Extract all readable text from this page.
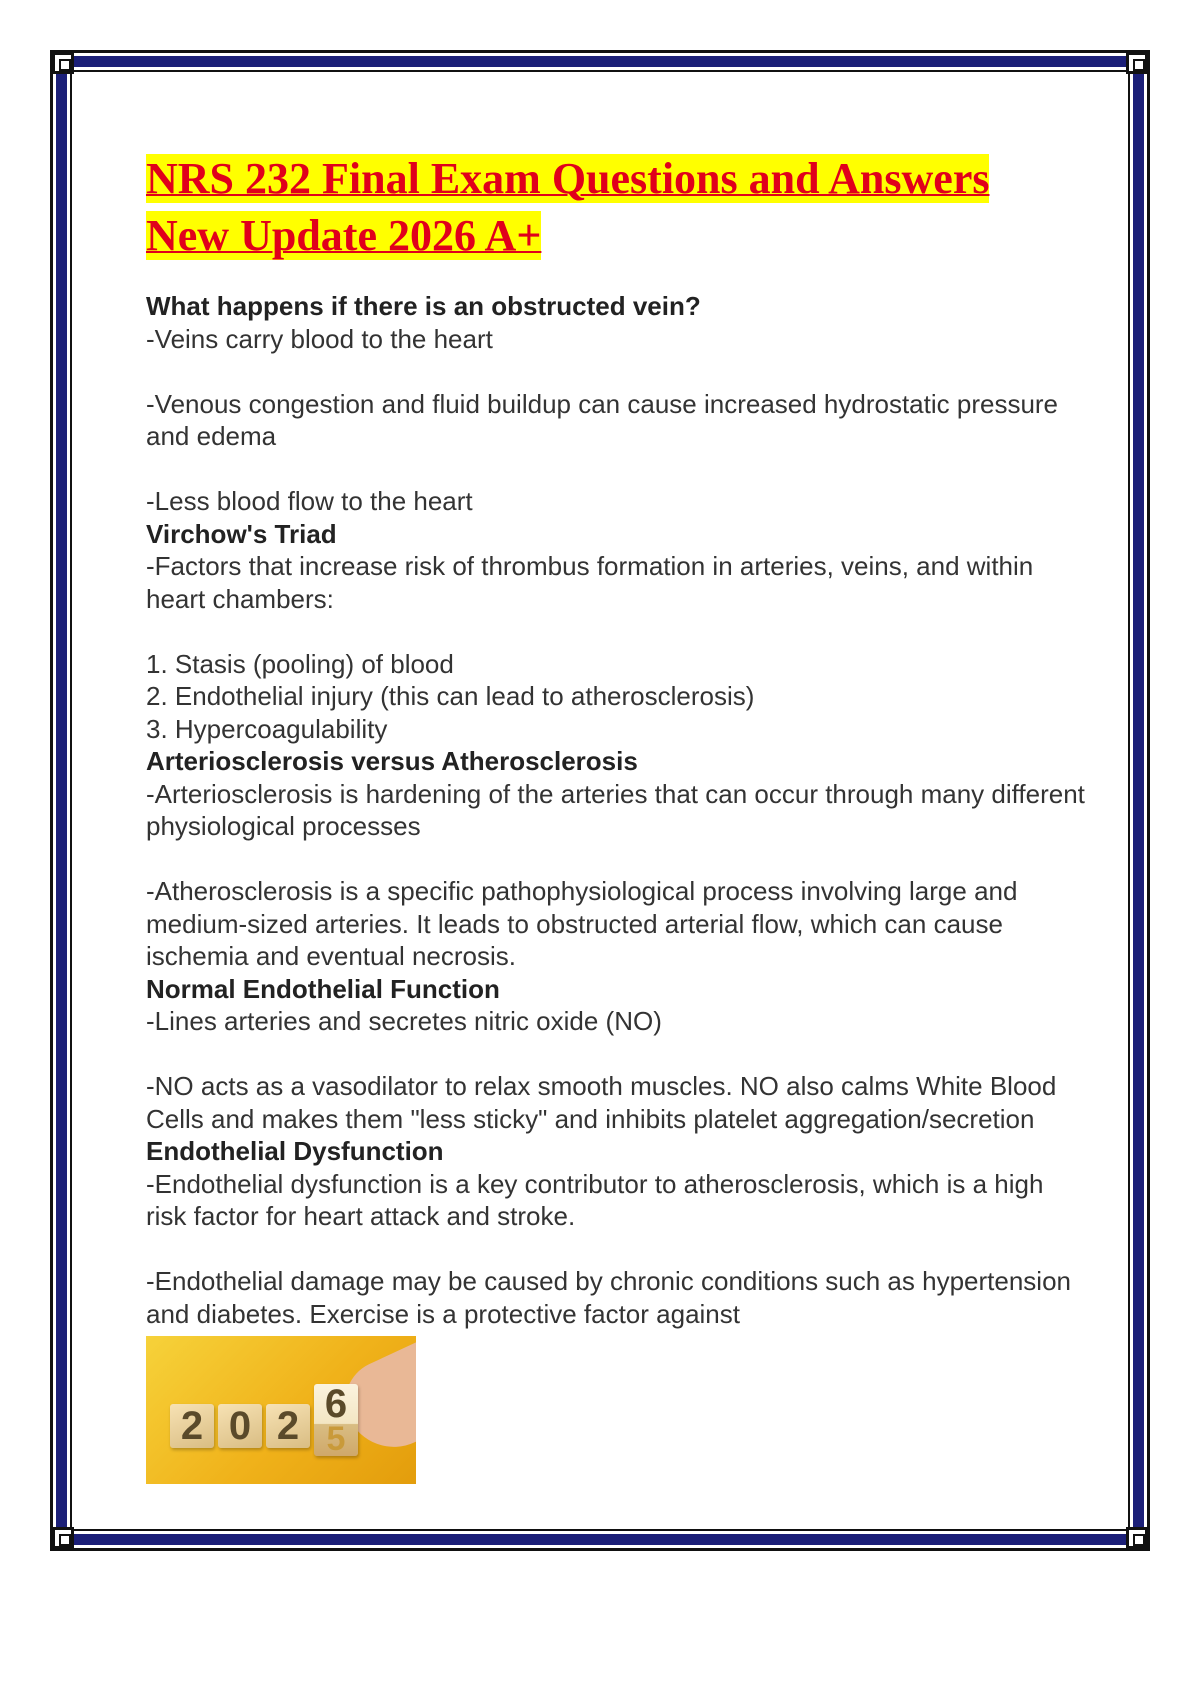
NRS 232 Final Exam Questions and Answers
New Update 2026 A+
What happens if there is an obstructed vein?
-Veins carry blood to the heart

-Venous congestion and fluid buildup can cause increased hydrostatic pressure and edema

-Less blood flow to the heart
Virchow's Triad
-Factors that increase risk of thrombus formation in arteries, veins, and within heart chambers:

1. Stasis (pooling) of blood
2. Endothelial injury (this can lead to atherosclerosis)
3. Hypercoagulability
Arteriosclerosis versus Atherosclerosis
-Arteriosclerosis is hardening of the arteries that can occur through many different physiological processes

-Atherosclerosis is a specific pathophysiological process involving large and medium-sized arteries. It leads to obstructed arterial flow, which can cause ischemia and eventual necrosis.
Normal Endothelial Function
-Lines arteries and secretes nitric oxide (NO)

-NO acts as a vasodilator to relax smooth muscles. NO also calms White Blood Cells and makes them "less sticky" and inhibits platelet aggregation/secretion
Endothelial Dysfunction
-Endothelial dysfunction is a key contributor to atherosclerosis, which is a high risk factor for heart attack and stroke.

-Endothelial damage may be caused by chronic conditions such as hypertension and diabetes. Exercise is a protective factor against
2 0 2 6
5
